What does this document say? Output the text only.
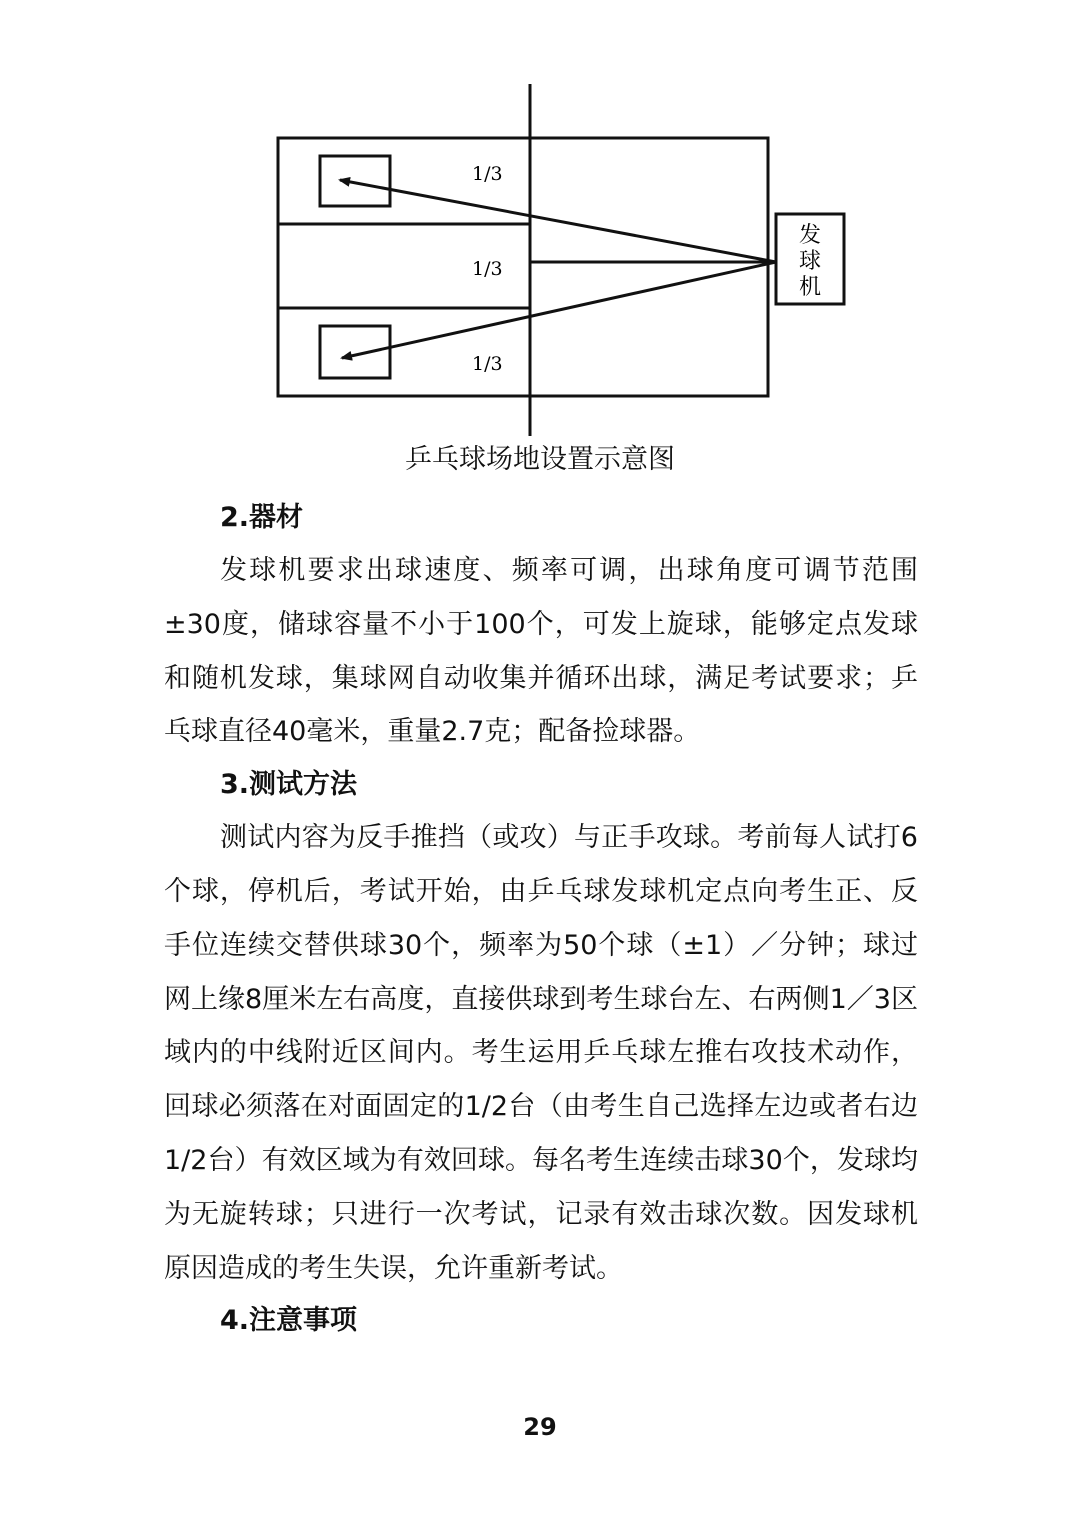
1/3
1/3
1/3
发
球
机
乒乓球场地设置示意图

2.器材

发球机要求出球速度、频率可调，出球角度可调节范围±30度，储球容量不小于100个，可发上旋球，能够定点发球和随机发球，集球网自动收集并循环出球，满足考试要求；乒乓球直径40毫米，重量2.7克；配备捡球器。

3.测试方法

测试内容为反手推挡（或攻）与正手攻球。考前每人试打6个球，停机后，考试开始，由乒乓球发球机定点向考生正、反手位连续交替供球30个，频率为50个球（±1）／分钟；球过网上缘8厘米左右高度，直接供球到考生球台左、右两侧1／3区域内的中线附近区间内。考生运用乒乓球左推右攻技术动作，回球必须落在对面固定的1/2台（由考生自己选择左边或者右边1/2台）有效区域为有效回球。每名考生连续击球30个，发球均为无旋转球；只进行一次考试，记录有效击球次数。因发球机原因造成的考生失误，允许重新考试。

4.注意事项

29
